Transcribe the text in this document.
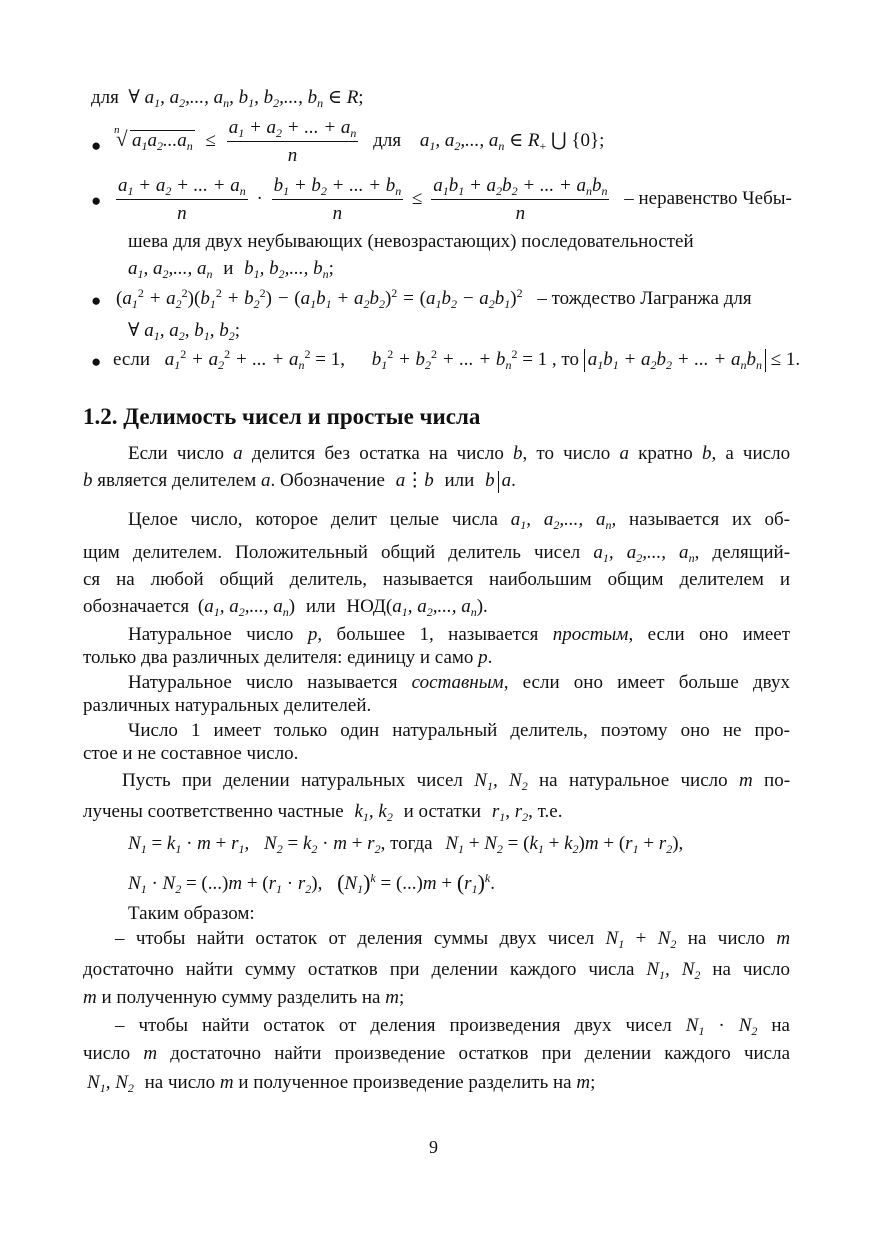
для ∀ $a_1$, $a_2$,..., $a_n$, $b_1$, $b_2$,..., $b_n$ ∈ R;
●
√ n $a_1a_2...a_n \le \frac{a_1 + a_2 + ... + a_n}{n}$ для $a_1$, $a_2$,..., $a_n$ ∈ $R_+$ ⋃ {0};
● $\frac{a_1 + a_2 + ... + a_n}{n} \cdot \frac{b_1 + b_2 + ... + b_n}{n} \le \frac{a_1b_1 + a_2b_2 + ... + a_nb_n}{n}$ – неравенство Чебы-
шева для двух неубывающих (невозрастающих) последовательностей
$a_1$, $a_2$,..., $a_n$ и $b_1$, $b_2$,..., $b_n$;
● $(a_1^2 + a_2^2)(b_1^2 + b_2^2) - (a_1b_1 + a_2b_2)^2 = (a_1b_2 - a_2b_1)^2$ – тождество Лагранжа для
∀ $a_1$, $a_2$, $b_1$, $b_2$;
● если $a_1^2 + a_2^2$ + ... + $a_n^2 = 1$, $b_1^2 + b_2^2$ + ... + $b_n^2 = 1$ , то $a_1b_1 + a_2b_2$ + ... + $a_nb_n \le 1$.
1.2. Делимость чисел и простые числа
Если число a делится без остатка на число b, то число a кратно b, а число
b является делителем a. Обозначение a⋮b или b a.
Целое число, которое делит целые числа $a_1$, $a_2$,..., $a_n$, называется их об-
щим делителем. Положительный общий делитель чисел $a_1$, $a_2$,..., $a_n$, делящий-
ся на любой общий делитель, называется наибольшим общим делителем и
обозначается ($a_1$, $a_2$,..., $a_n$) или $НОД(a_1$, $a_2$,..., $a_n$).
Натуральное число p, большее 1, называется простым, если оно имеет
только два различных делителя: единицу и само p.
Натуральное число называется составным, если оно имеет больше двух
различных натуральных делителей.
Число 1 имеет только один натуральный делитель, поэтому оно не про-
стое и не составное число.
Пусть при делении натуральных чисел $N_1$, $N_2$ на натуральное число m по-
лучены соответственно частные $k_1$, $k_2$ и остатки $r_1$, $r_2$, т.е.
$N_1 = k_1 \cdot m + r_1$, $N_2 = k_2 \cdot m + r_2$, тогда $N_1 + N_2 = (k_1 + k_2)m + (r_1 + r_2)$,
$N_1 \cdot N_2 = (...)m + (r_1 \cdot r_2)$, $(N_1)^k = (...)m + (r_1)^k$.
Таким образом:
– чтобы найти остаток от деления суммы двух чисел $N_1 + N_2$ на число m
достаточно найти сумму остатков при делении каждого числа $N_1$, $N_2$ на число
m и полученную сумму разделить на m;
– чтобы найти остаток от деления произведения двух чисел $N_1 \cdot N_2$ на
число m достаточно найти произведение остатков при делении каждого числа
$N_1$, $N_2$ на число m и полученное произведение разделить на m;
9
